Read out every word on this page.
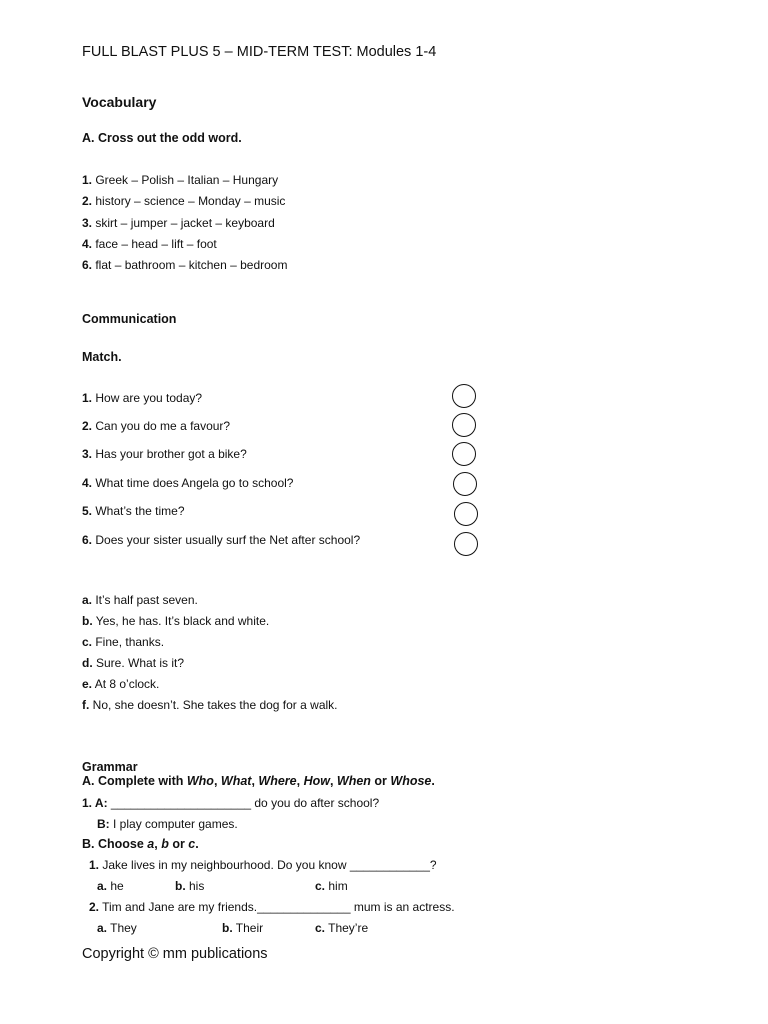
FULL BLAST PLUS 5 – MID-TERM TEST: Modules 1-4
Vocabulary
A. Cross out the odd word.
1. Greek – Polish – Italian – Hungary
2. history – science – Monday – music
3. skirt – jumper – jacket – keyboard
4. face – head – lift – foot
6. flat – bathroom – kitchen – bedroom
Communication
Match.
1. How are you today?
2. Can you do me a favour?
3. Has your brother got a bike?
4. What time does Angela go to school?
5. What’s the time?
6. Does your sister usually surf the Net after school?
a. It’s half past seven.
b. Yes, he has. It’s black and white.
c. Fine, thanks.
d. Sure. What is it?
e. At 8 o’clock.
f. No, she doesn’t. She takes the dog for a walk.
Grammar
A. Complete with Who, What, Where, How, When or Whose.
1. A: _____________________ do you do after school?
B: I play computer games.
B. Choose a, b or c.
1. Jake lives in my neighbourhood. Do you know ____________?
a. he	b. his	c. him
2. Tim and Jane are my friends.______________ mum is an actress.
a. They	b. Their	c. They’re
Copyright © mm publications
